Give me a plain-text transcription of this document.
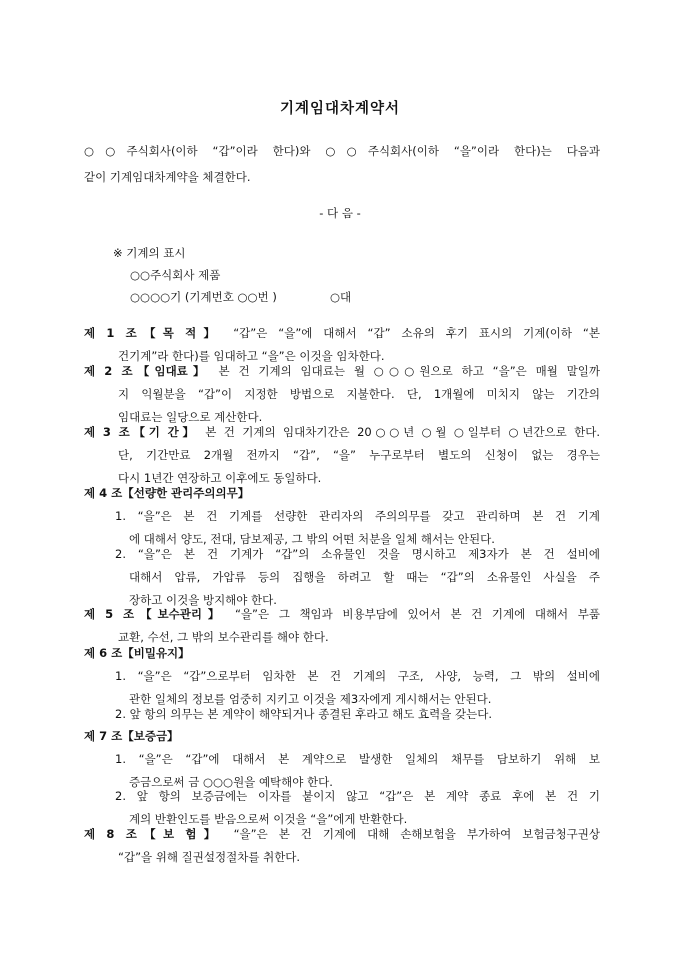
기계임대차계약서
○○주식회사(이하 “갑”이라 한다)와 ○○주식회사(이하 “을”이라 한다)는 다음과
같이 기계임대차계약을 체결한다.
- 다 음 -
※ 기계의 표시
○○주식회사 제품
○○○○기 (기계번호 ○○번 )	○대
제 1 조【목 적】 “갑”은 “을”에 대해서 “갑” 소유의 후기 표시의 기계(이하 “본
건기계”라 한다)를 임대하고 “을”은 이것을 임차한다.
제 2 조【임대료】 본 건 기계의 임대료는 월 ○○○원으로 하고 “을”은 매월 말일까
지 익월분을 “갑”이 지정한 방법으로 지불한다. 단, 1개월에 미치지 않는 기간의
임대료는 일당으로 계산한다.
제 3 조【기 간】 본 건 기계의 임대차기간은 20○○년 ○월 ○일부터 ○년간으로 한다.
단, 기간만료 2개월 전까지 “갑”, “을” 누구로부터 별도의 신청이 없는 경우는
다시 1년간 연장하고 이후에도 동일하다.
제 4 조【선량한 관리주의의무】
1. “을”은 본 건 기계를 선량한 관리자의 주의의무를 갖고 관리하며 본 건 기계
에 대해서 양도, 전대, 담보제공, 그 밖의 어떤 처분을 일체 해서는 안된다.
2. “을”은 본 건 기계가 “갑”의 소유물인 것을 명시하고 제3자가 본 건 설비에
대해서 압류, 가압류 등의 집행을 하려고 할 때는 “갑”의 소유물인 사실을 주
장하고 이것을 방지해야 한다.
제 5 조【보수관리】 “을”은 그 책임과 비용부담에 있어서 본 건 기계에 대해서 부품
교환, 수선, 그 밖의 보수관리를 해야 한다.
제 6 조【비밀유지】
1. “을”은 “갑”으로부터 임차한 본 건 기계의 구조, 사양, 능력, 그 밖의 설비에
관한 일체의 정보를 엄중히 지키고 이것을 제3자에게 게시해서는 안된다.
2. 앞 항의 의무는 본 계약이 해약되거나 종결된 후라고 해도 효력을 갖는다.
제 7 조【보증금】
1. “을”은 “갑”에 대해서 본 계약으로 발생한 일체의 채무를 담보하기 위해 보
증금으로써 금 ○○○원을 예탁해야 한다.
2. 앞 항의 보증금에는 이자를 붙이지 않고 “갑”은 본 계약 종료 후에 본 건 기
계의 반환인도를 받음으로써 이것을 “을”에게 반환한다.
제 8 조【보 험】 “을”은 본 건 기계에 대해 손해보험을 부가하여 보험금청구권상
“갑”을 위해 질권설정절차를 취한다.
